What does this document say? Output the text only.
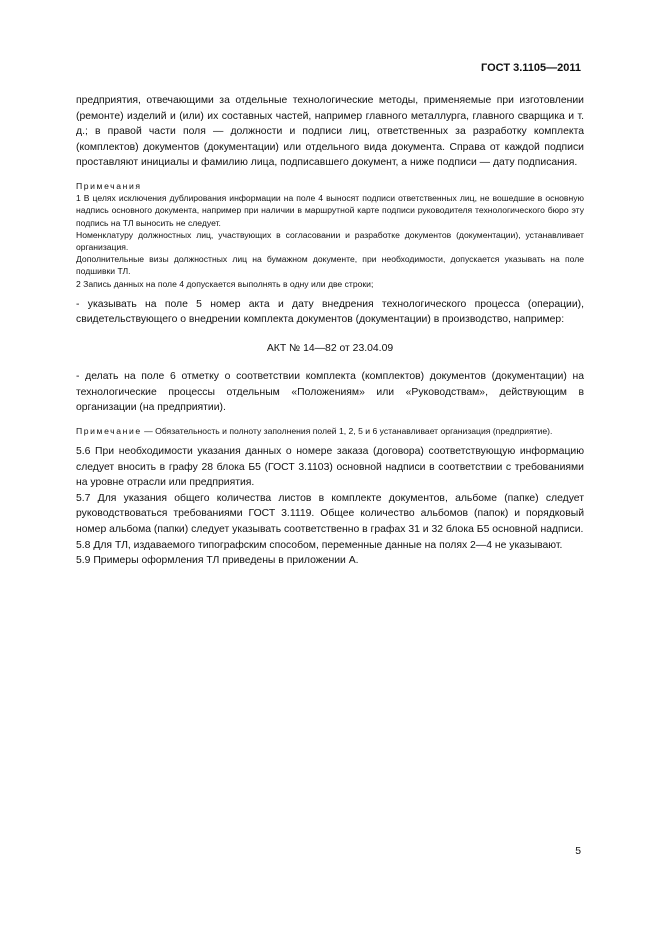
ГОСТ 3.1105—2011

предприятия, отвечающими за отдельные технологические методы, применяемые при изготовлении (ремонте) изделий и (или) их составных частей, например главного металлурга, главного сварщика и т. д.; в правой части поля — должности и подписи лиц, ответственных за разработку комплекта (комплектов) документов (документации) или отдельного вида документа. Справа от каждой подписи проставляют инициалы и фамилию лица, подписавшего документ, а ниже подписи — дату подписания.

Примечания

1 В целях исключения дублирования информации на поле 4 выносят подписи ответственных лиц, не вошедшие в основную надпись основного документа, например при наличии в маршрутной карте подписи руководителя технологического бюро эту подпись на ТЛ выносить не следует.

Номенклатуру должностных лиц, участвующих в согласовании и разработке документов (документации), устанавливает организация.

Дополнительные визы должностных лиц на бумажном документе, при необходимости, допускается указывать на поле подшивки ТЛ.

2 Запись данных на поле 4 допускается выполнять в одну или две строки;

- указывать на поле 5 номер акта и дату внедрения технологического процесса (операции), свидетельствующего о внедрении комплекта документов (документации) в производство, например:

АКТ № 14—82 от 23.04.09

- делать на поле 6 отметку о соответствии комплекта (комплектов) документов (документации) на технологические процессы отдельным «Положениям» или «Руководствам», действующим в организации (на предприятии).

Примечание — Обязательность и полноту заполнения полей 1, 2, 5 и 6 устанавливает организация (предприятие).

5.6 При необходимости указания данных о номере заказа (договора) соответствующую информацию следует вносить в графу 28 блока Б5 (ГОСТ 3.1103) основной надписи в соответствии с требованиями на уровне отрасли или предприятия.

5.7 Для указания общего количества листов в комплекте документов, альбоме (папке) следует руководствоваться требованиями ГОСТ 3.1119. Общее количество альбомов (папок) и порядковый номер альбома (папки) следует указывать соответственно в графах 31 и 32 блока Б5 основной надписи.

5.8 Для ТЛ, издаваемого типографским способом, переменные данные на полях 2—4 не указывают.

5.9 Примеры оформления ТЛ приведены в приложении А.

5
